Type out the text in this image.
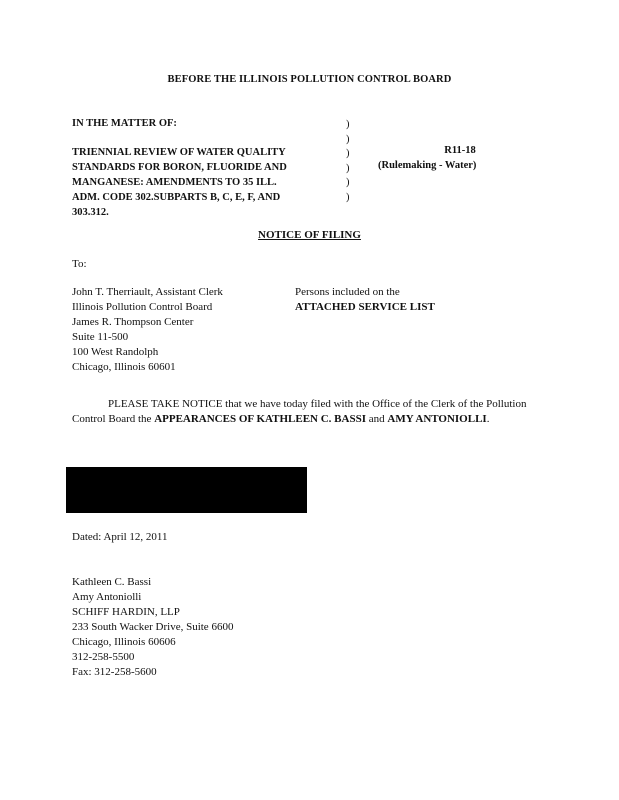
BEFORE THE ILLINOIS POLLUTION CONTROL BOARD
IN THE MATTER OF:
TRIENNIAL REVIEW OF WATER QUALITY
STANDARDS FOR BORON, FLUORIDE AND
MANGANESE: AMENDMENTS TO 35 ILL.
ADM. CODE 302.SUBPARTS B, C, E, F, AND
303.312.
)
)
)
)
)
)
R11-18
(Rulemaking - Water)
NOTICE OF FILING
To:
John T. Therriault, Assistant Clerk
Illinois Pollution Control Board
James R. Thompson Center
Suite 11-500
100 West Randolph
Chicago, Illinois 60601
Persons included on the
ATTACHED SERVICE LIST
PLEASE TAKE NOTICE that we have today filed with the Office of the Clerk of the Pollution Control Board the APPEARANCES OF KATHLEEN C. BASSI and AMY ANTONIOLLI.
Dated: April 12, 2011
Kathleen C. Bassi
Amy Antoniolli
SCHIFF HARDIN, LLP
233 South Wacker Drive, Suite 6600
Chicago, Illinois 60606
312-258-5500
Fax: 312-258-5600
